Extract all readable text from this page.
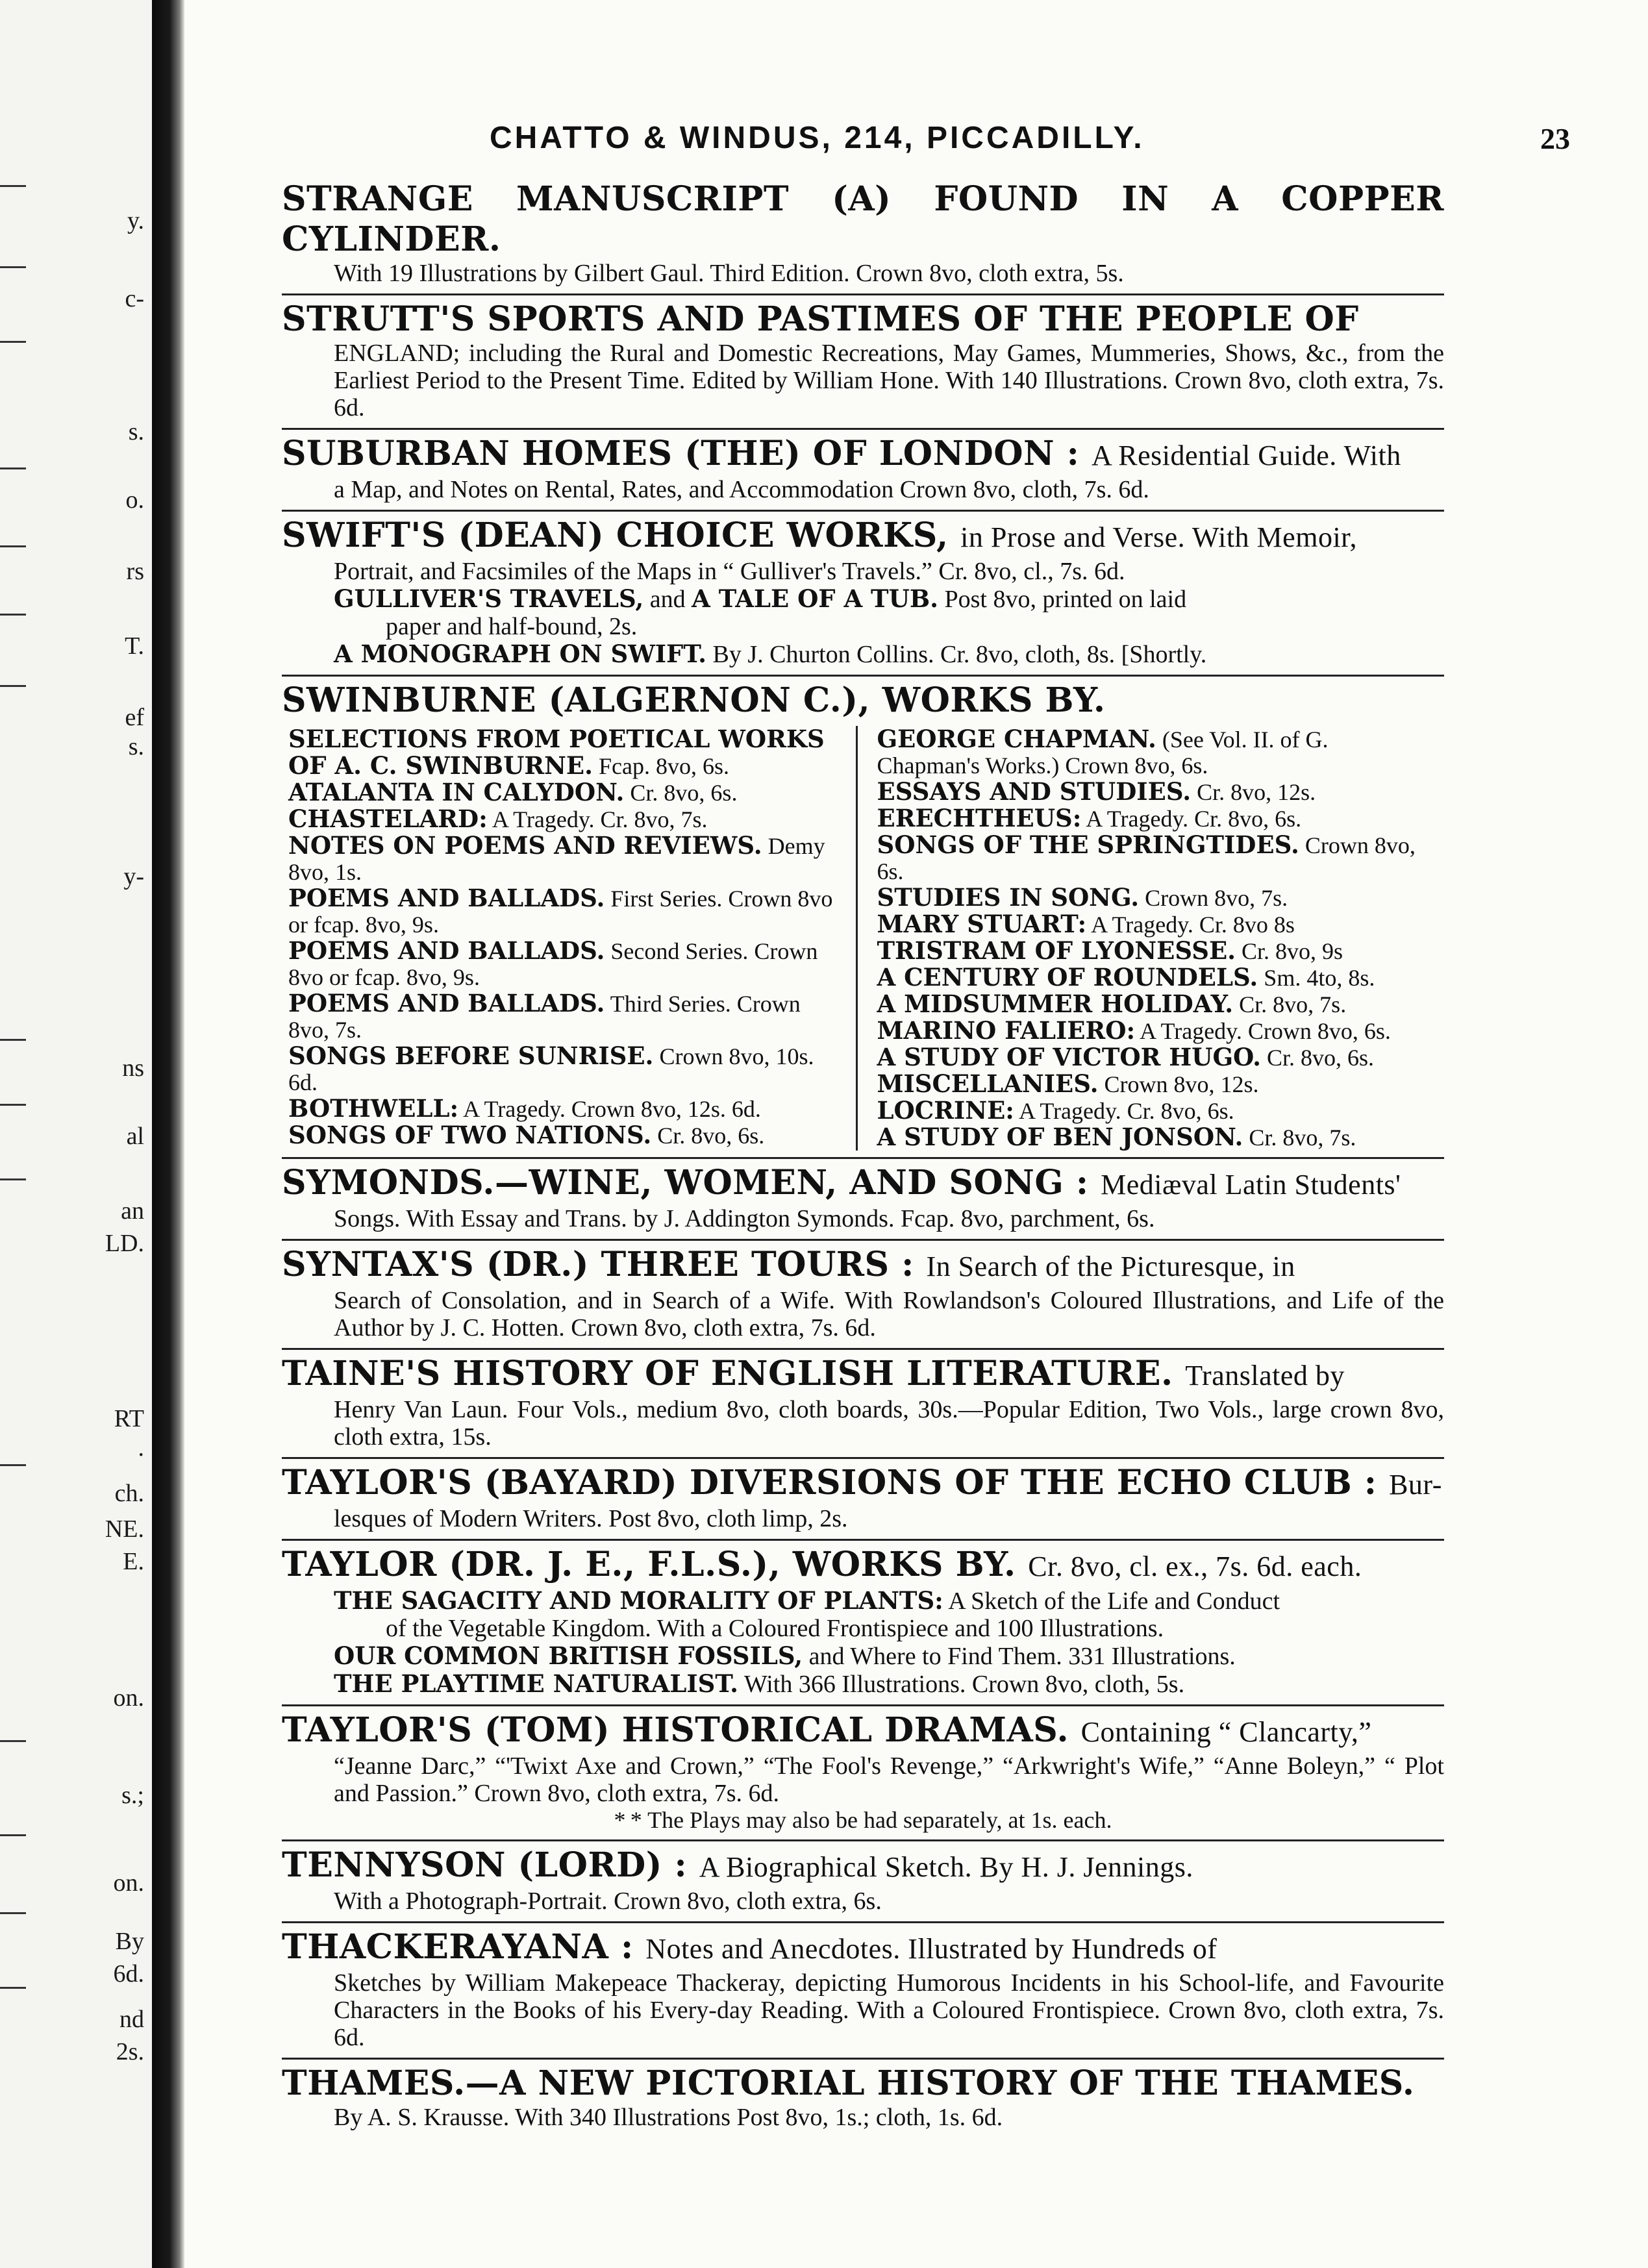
y.
c-
s.
o.
rs
T.
ef
s.
y-
ns
al
an
LD.
RT
.
ch.
NE.
E.
on.
s.;
on.
By
6d.
nd
2s.
CHATTO & WINDUS, 214, PICCADILLY.	23
STRANGE MANUSCRIPT (A) FOUND IN A COPPER CYLINDER.
With 19 Illustrations by Gilbert Gaul. Third Edition. Crown 8vo, cloth extra, 5s.
STRUTT'S SPORTS AND PASTIMES OF THE PEOPLE OF
ENGLAND; including the Rural and Domestic Recreations, May Games, Mummeries, Shows, &c., from the Earliest Period to the Present Time. Edited by William Hone. With 140 Illustrations. Crown 8vo, cloth extra, 7s. 6d.
SUBURBAN HOMES (THE) OF LONDON : A Residential Guide. With
a Map, and Notes on Rental, Rates, and Accommodation Crown 8vo, cloth, 7s. 6d.
SWIFT'S (DEAN) CHOICE WORKS, in Prose and Verse. With Memoir,
Portrait, and Facsimiles of the Maps in “ Gulliver's Travels.” Cr. 8vo, cl., 7s. 6d.
GULLIVER'S TRAVELS, and A TALE OF A TUB. Post 8vo, printed on laid
paper and half-bound, 2s.
A MONOGRAPH ON SWIFT. By J. Churton Collins. Cr. 8vo, cloth, 8s. [Shortly.
SWINBURNE (ALGERNON C.), WORKS BY.
SELECTIONS FROM POETICAL WORKS OF A. C. SWINBURNE. Fcap. 8vo, 6s.
ATALANTA IN CALYDON. Cr. 8vo, 6s.
CHASTELARD: A Tragedy. Cr. 8vo, 7s.
NOTES ON POEMS AND REVIEWS. Demy 8vo, 1s.
POEMS AND BALLADS. First Series. Crown 8vo or fcap. 8vo, 9s.
POEMS AND BALLADS. Second Series. Crown 8vo or fcap. 8vo, 9s.
POEMS AND BALLADS. Third Series. Crown 8vo, 7s.
SONGS BEFORE SUNRISE. Crown 8vo, 10s. 6d.
BOTHWELL: A Tragedy. Crown 8vo, 12s. 6d.
SONGS OF TWO NATIONS. Cr. 8vo, 6s.
GEORGE CHAPMAN. (See Vol. II. of G. Chapman's Works.) Crown 8vo, 6s.
ESSAYS AND STUDIES. Cr. 8vo, 12s.
ERECHTHEUS: A Tragedy. Cr. 8vo, 6s.
SONGS OF THE SPRINGTIDES. Crown 8vo, 6s.
STUDIES IN SONG. Crown 8vo, 7s.
MARY STUART: A Tragedy. Cr. 8vo 8s
TRISTRAM OF LYONESSE. Cr. 8vo, 9s
A CENTURY OF ROUNDELS. Sm. 4to, 8s.
A MIDSUMMER HOLIDAY. Cr. 8vo, 7s.
MARINO FALIERO: A Tragedy. Crown 8vo, 6s.
A STUDY OF VICTOR HUGO. Cr. 8vo, 6s.
MISCELLANIES. Crown 8vo, 12s.
LOCRINE: A Tragedy. Cr. 8vo, 6s.
A STUDY OF BEN JONSON. Cr. 8vo, 7s.
SYMONDS.—WINE, WOMEN, AND SONG : Mediæval Latin Students'
Songs. With Essay and Trans. by J. Addington Symonds. Fcap. 8vo, parchment, 6s.
SYNTAX'S (DR.) THREE TOURS : In Search of the Picturesque, in
Search of Consolation, and in Search of a Wife. With Rowlandson's Coloured Illustrations, and Life of the Author by J. C. Hotten. Crown 8vo, cloth extra, 7s. 6d.
TAINE'S HISTORY OF ENGLISH LITERATURE. Translated by
Henry Van Laun. Four Vols., medium 8vo, cloth boards, 30s.—Popular Edition, Two Vols., large crown 8vo, cloth extra, 15s.
TAYLOR'S (BAYARD) DIVERSIONS OF THE ECHO CLUB : Bur-
lesques of Modern Writers. Post 8vo, cloth limp, 2s.
TAYLOR (DR. J. E., F.L.S.), WORKS BY. Cr. 8vo, cl. ex., 7s. 6d. each.
THE SAGACITY AND MORALITY OF PLANTS: A Sketch of the Life and Conduct
of the Vegetable Kingdom. With a Coloured Frontispiece and 100 Illustrations.
OUR COMMON BRITISH FOSSILS, and Where to Find Them. 331 Illustrations.
THE PLAYTIME NATURALIST. With 366 Illustrations. Crown 8vo, cloth, 5s.
TAYLOR'S (TOM) HISTORICAL DRAMAS. Containing “ Clancarty,”
“Jeanne Darc,” “'Twixt Axe and Crown,” “The Fool's Revenge,” “Arkwright's Wife,” “Anne Boleyn,” “ Plot and Passion.” Crown 8vo, cloth extra, 7s. 6d.
* * The Plays may also be had separately, at 1s. each.
TENNYSON (LORD) : A Biographical Sketch. By H. J. Jennings.
With a Photograph-Portrait. Crown 8vo, cloth extra, 6s.
THACKERAYANA : Notes and Anecdotes. Illustrated by Hundreds of
Sketches by William Makepeace Thackeray, depicting Humorous Incidents in his School-life, and Favourite Characters in the Books of his Every-day Reading. With a Coloured Frontispiece. Crown 8vo, cloth extra, 7s. 6d.
THAMES.—A NEW PICTORIAL HISTORY OF THE THAMES.
By A. S. Krausse. With 340 Illustrations Post 8vo, 1s.; cloth, 1s. 6d.
